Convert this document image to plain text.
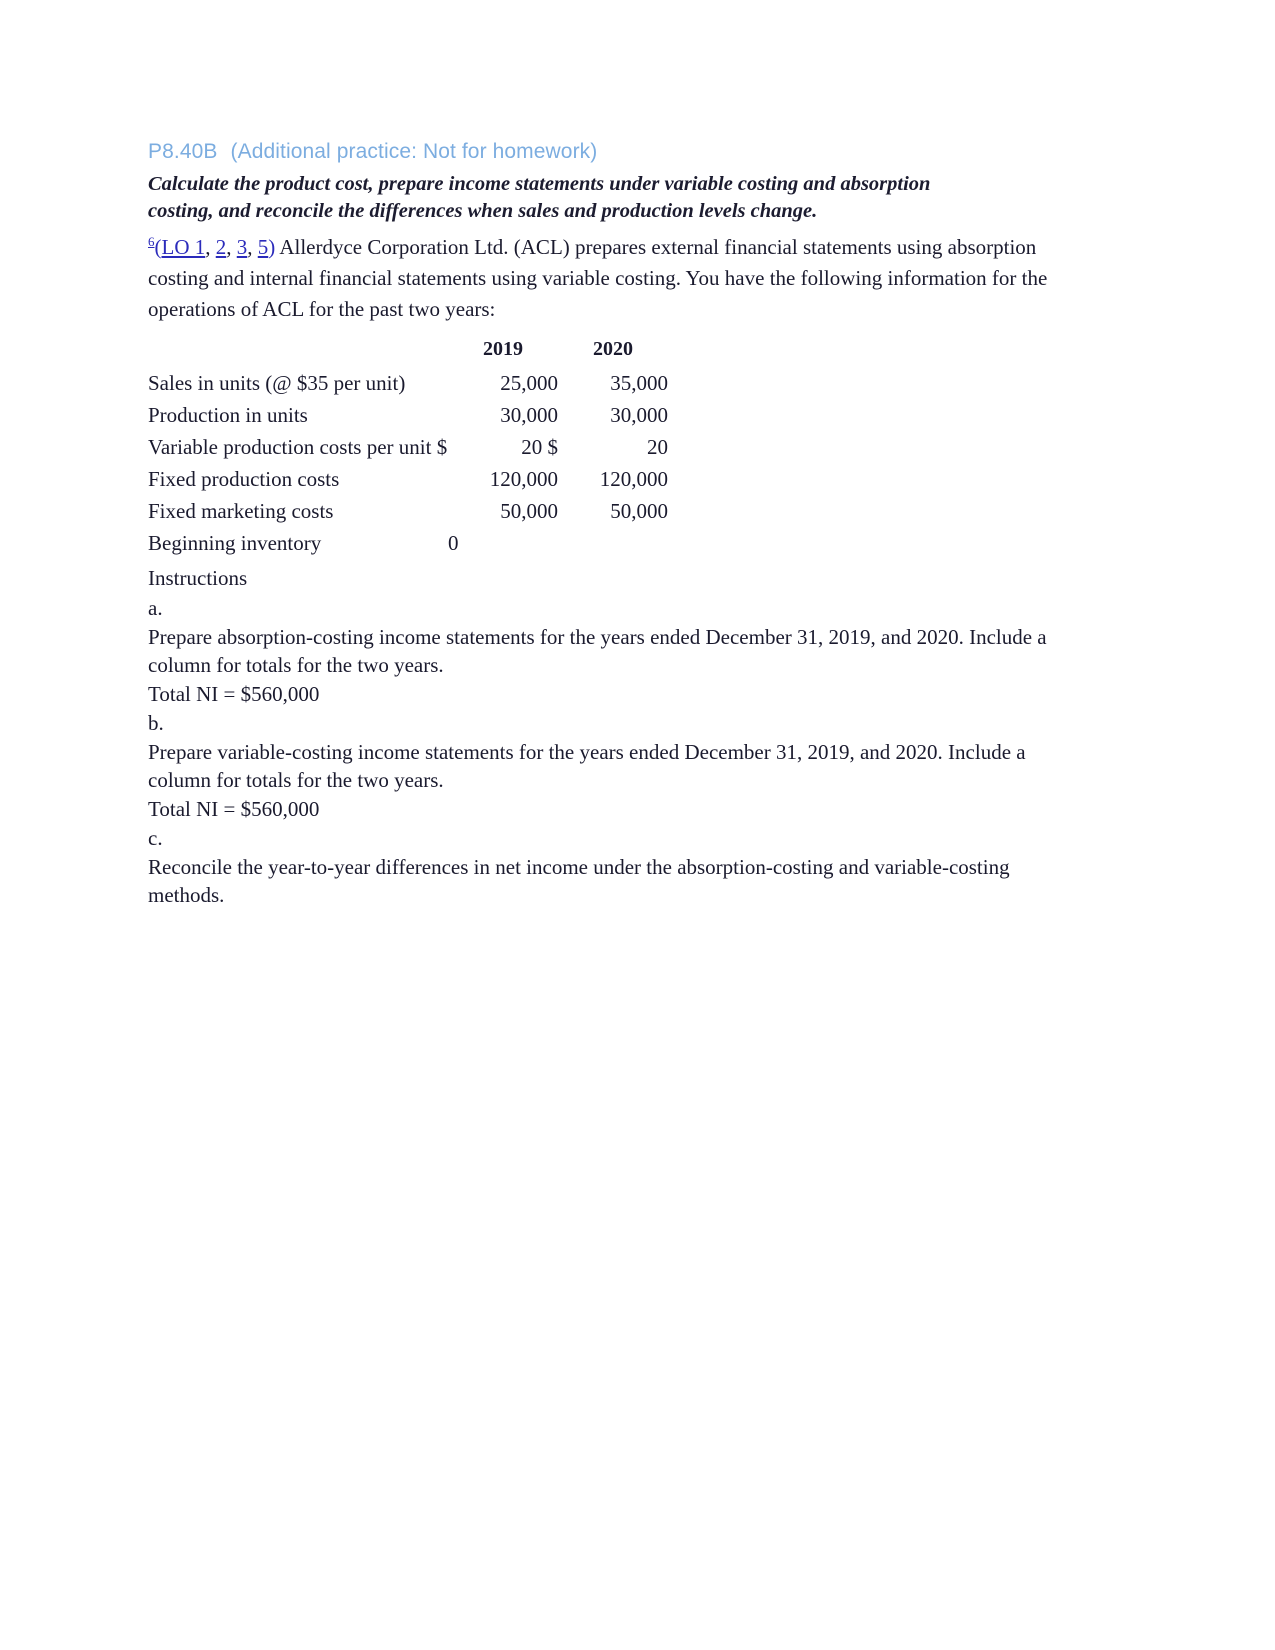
P8.40B (Additional practice: Not for homework)
Calculate the product cost, prepare income statements under variable costing and absorption
costing, and reconcile the differences when sales and production levels change.
$^6$(LO 1, 2, 3, 5) Allerdyce Corporation Ltd. (ACL) prepares external financial statements using absorption costing and internal financial statements using variable costing. You have the following information for the operations of ACL for the past two years:
	2019	2020
Sales in units (@ $35 per unit)	25,000	35,000
Production in units	30,000	30,000
Variable production costs per unit $	20 $	20
Fixed production costs	120,000	120,000
Fixed marketing costs	50,000	50,000
Beginning inventory	0	
Instructions
a.
Prepare absorption-costing income statements for the years ended December 31, 2019, and 2020. Include a column for totals for the two years.
Total NI = $560,000
b.
Prepare variable-costing income statements for the years ended December 31, 2019, and 2020. Include a column for totals for the two years.
Total NI = $560,000
c.
Reconcile the year-to-year differences in net income under the absorption-costing and variable-costing methods.
